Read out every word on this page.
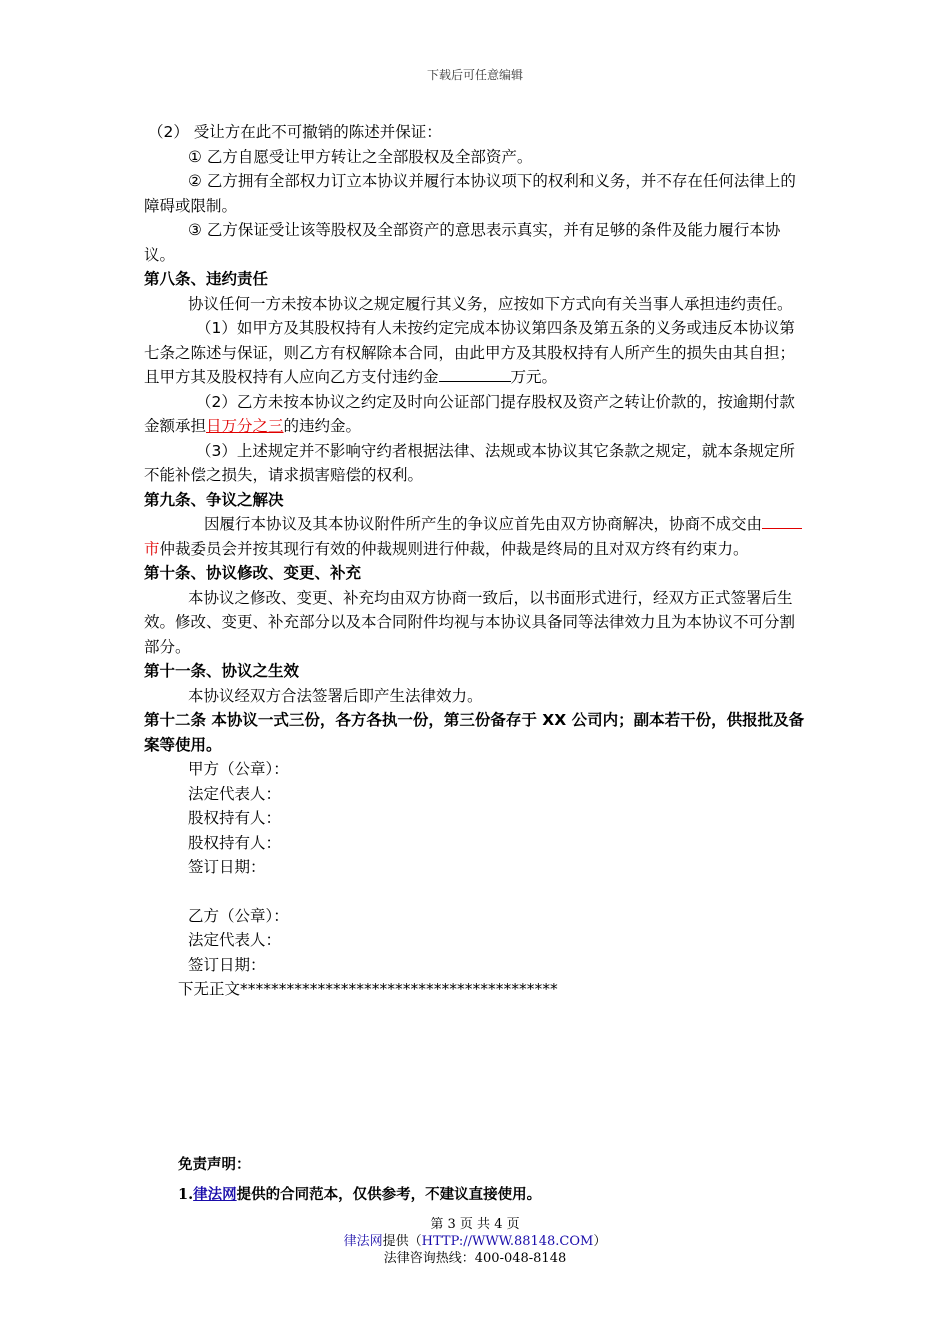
下载后可任意编辑

（2） 受让方在此不可撤销的陈述并保证：

① 乙方自愿受让甲方转让之全部股权及全部资产。

② 乙方拥有全部权力订立本协议并履行本协议项下的权利和义务，并不存在任何法律上的障碍或限制。

③ 乙方保证受让该等股权及全部资产的意思表示真实，并有足够的条件及能力履行本协议。

第八条、违约责任

协议任何一方未按本协议之规定履行其义务，应按如下方式向有关当事人承担违约责任。

（1）如甲方及其股权持有人未按约定完成本协议第四条及第五条的义务或违反本协议第七条之陈述与保证，则乙方有权解除本合同，由此甲方及其股权持有人所产生的损失由其自担；且甲方其及股权持有人应向乙方支付违约金	万元。

（2）乙方未按本协议之约定及时向公证部门提存股权及资产之转让价款的，按逾期付款金额承担日万分之三的违约金。

（3）上述规定并不影响守约者根据法律、法规或本协议其它条款之规定，就本条规定所不能补偿之损失，请求损害赔偿的权利。

第九条、争议之解决

因履行本协议及其本协议附件所产生的争议应首先由双方协商解决，协商不成交由市仲裁委员会并按其现行有效的仲裁规则进行仲裁，仲裁是终局的且对双方终有约束力。

第十条、协议修改、变更、补充

本协议之修改、变更、补充均由双方协商一致后，以书面形式进行，经双方正式签署后生效。修改、变更、补充部分以及本合同附件均视与本协议具备同等法律效力且为本协议不可分割部分。

第十一条、协议之生效

本协议经双方合法签署后即产生法律效力。

第十二条 本协议一式三份，各方各执一份，第三份备存于 XX 公司内；副本若干份，供报批及备案等使用。

甲方（公章）：

法定代表人：

股权持有人：

股权持有人：

签订日期：

乙方（公章）：

法定代表人：

签订日期：

下无正文*****************************************

免责声明：
1.律法网提供的合同范本，仅供参考，不建议直接使用。
第 3 页 共 4 页
律法网提供（HTTP://WWW.88148.COM）
法律咨询热线：400-048-8148
